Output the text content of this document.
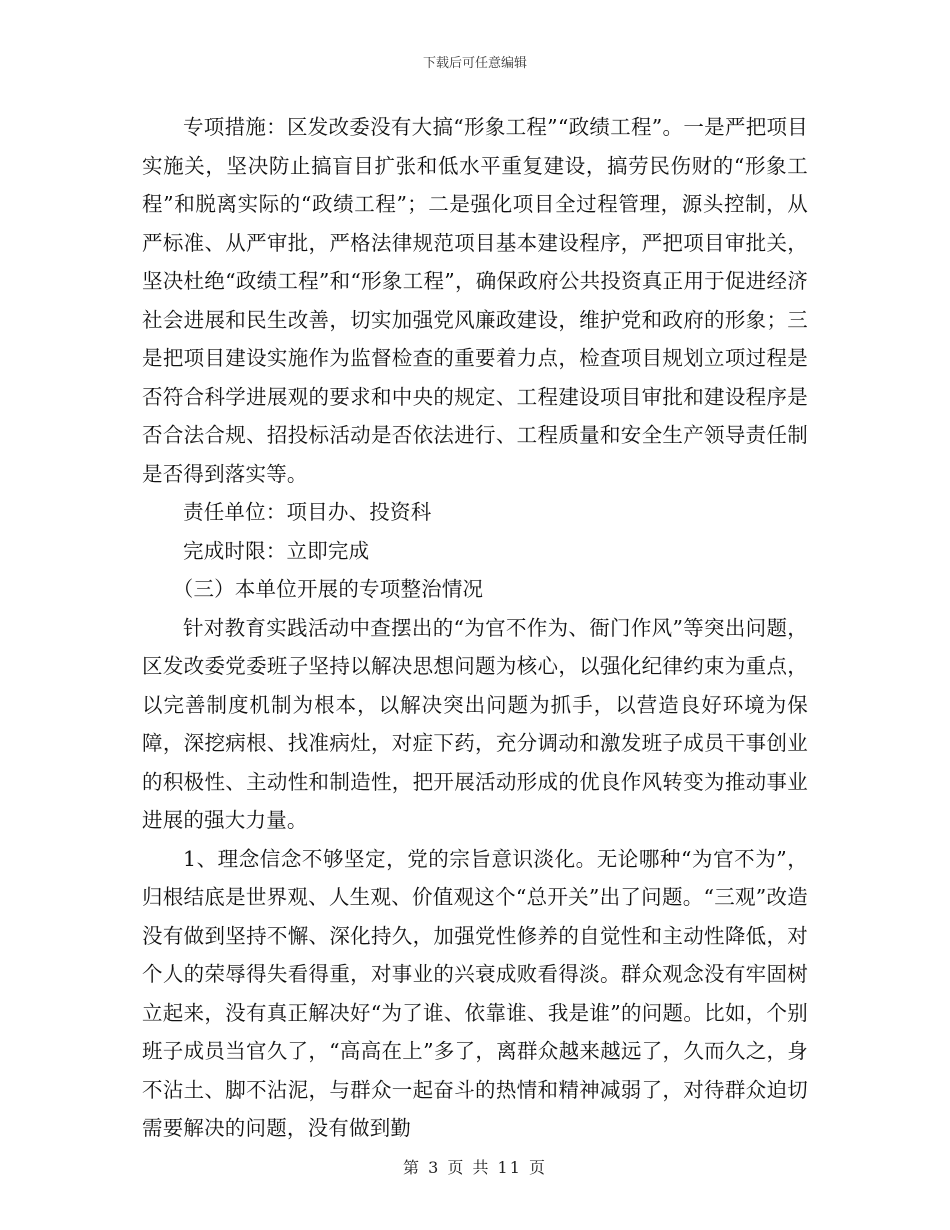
下载后可任意编辑

专项措施：区发改委没有大搞“形象工程”“政绩工程”。一是严把项目实施关，坚决防止搞盲目扩张和低水平重复建设，搞劳民伤财的“形象工程”和脱离实际的“政绩工程”；二是强化项目全过程管理，源头控制，从严标准、从严审批，严格法律规范项目基本建设程序，严把项目审批关，坚决杜绝“政绩工程”和“形象工程”，确保政府公共投资真正用于促进经济社会进展和民生改善，切实加强党风廉政建设，维护党和政府的形象；三是把项目建设实施作为监督检查的重要着力点，检查项目规划立项过程是否符合科学进展观的要求和中央的规定、工程建设项目审批和建设程序是否合法合规、招投标活动是否依法进行、工程质量和安全生产领导责任制是否得到落实等。

责任单位：项目办、投资科

完成时限：立即完成

（三）本单位开展的专项整治情况

针对教育实践活动中查摆出的“为官不作为、衙门作风”等突出问题，区发改委党委班子坚持以解决思想问题为核心，以强化纪律约束为重点，以完善制度机制为根本，以解决突出问题为抓手，以营造良好环境为保障，深挖病根、找准病灶，对症下药，充分调动和激发班子成员干事创业的积极性、主动性和制造性，把开展活动形成的优良作风转变为推动事业进展的强大力量。

1、理念信念不够坚定，党的宗旨意识淡化。无论哪种“为官不为”，归根结底是世界观、人生观、价值观这个“总开关”出了问题。“三观”改造没有做到坚持不懈、深化持久，加强党性修养的自觉性和主动性降低，对个人的荣辱得失看得重，对事业的兴衰成败看得淡。群众观念没有牢固树立起来，没有真正解决好“为了谁、依靠谁、我是谁”的问题。比如，个别班子成员当官久了，“高高在上”多了，离群众越来越远了，久而久之，身不沾土、脚不沾泥，与群众一起奋斗的热情和精神减弱了，对待群众迫切需要解决的问题，没有做到勤

第 3 页 共 11 页
